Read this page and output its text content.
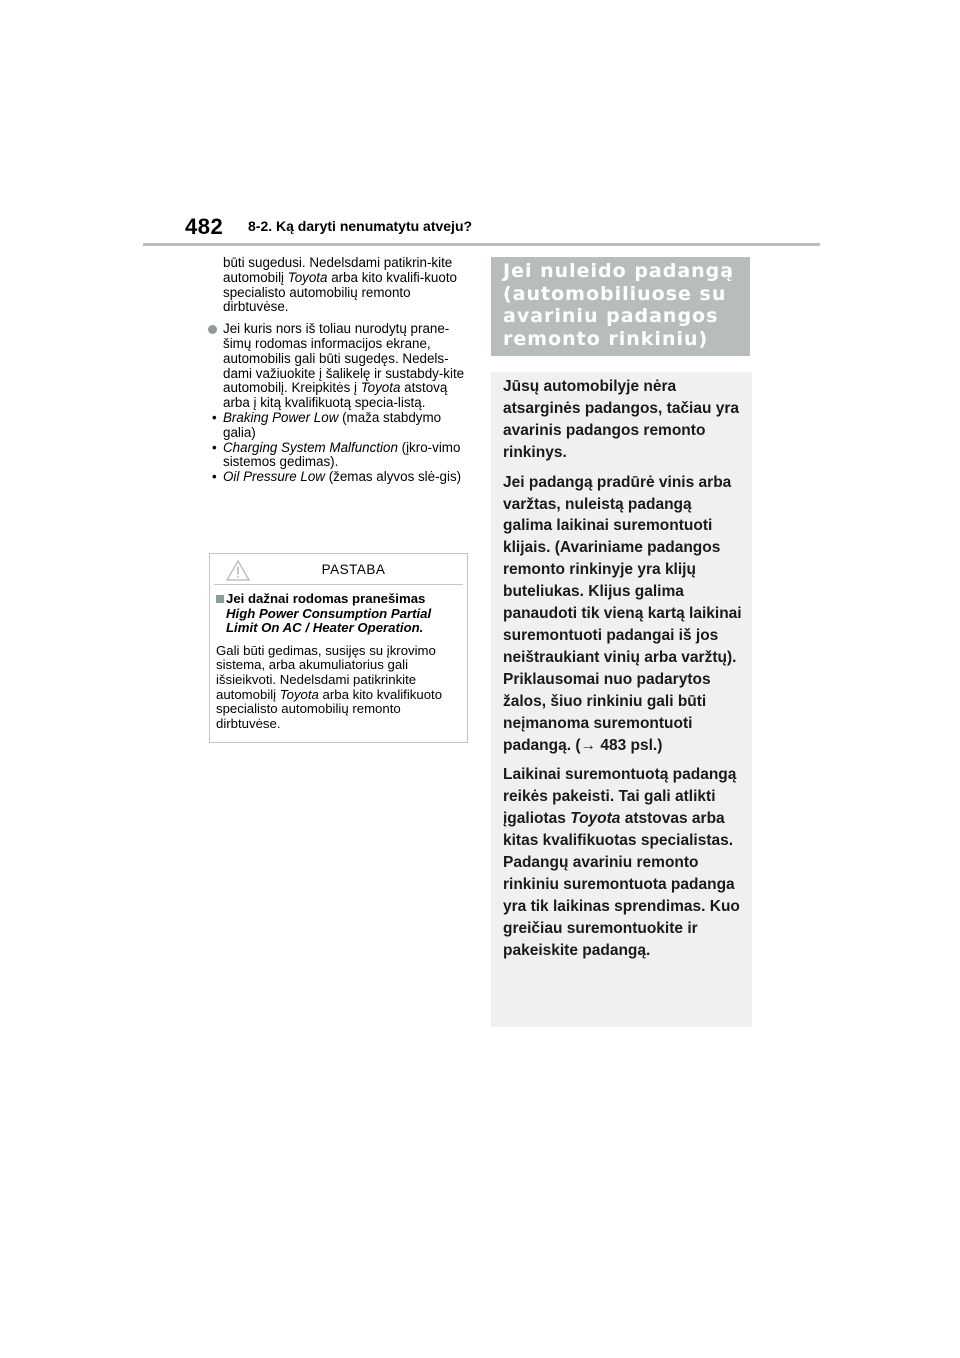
482 8-2. Ką daryti nenumatytu atveju?

būti sugedusi. Nedelsdami patikrin-kite automobilį Toyota arba kito kvalifi-kuoto specialisto automobilių remonto dirbtuvėse.

Jei kuris nors iš toliau nurodytų prane-šimų rodomas informacijos ekrane, automobilis gali būti sugedęs. Nedels-dami važiuokite į šalikelę ir sustabdy-kite automobilį. Kreipkitės į Toyota atstovą arba į kitą kvalifikuotą specia-listą.
• Braking Power Low (maža stabdymo galia)
• Charging System Malfunction (įkro-vimo sistemos gedimas).
• Oil Pressure Low (žemas alyvos slė-gis)
PASTABA
Jei dažnai rodomas pranešimas
High Power Consumption Partial Limit On AC / Heater Operation.
Gali būti gedimas, susijęs su įkrovimo sistema, arba akumuliatorius gali išsieikvoti. Nedelsdami patikrinkite automobilį Toyota arba kito kvalifikuoto specialisto automobilių remonto dirbtuvėse.
Jei nuleido padangą
(automobiliuose su
avariniu padangos
remonto rinkiniu)

Jūsų automobilyje nėra atsarginės padangos, tačiau yra avarinis padangos remonto rinkinys.

Jei padangą pradūrė vinis arba varžtas, nuleistą padangą galima laikinai suremontuoti klijais. (Avariniame padangos remonto rinkinyje yra klijų buteliukas. Klijus galima panaudoti tik vieną kartą laikinai suremontuoti padangai iš jos neištraukiant vinių arba varžtų). Priklausomai nuo padarytos žalos, šiuo rinkiniu gali būti neįmanoma suremontuoti padangą. (→ 483 psl.)

Laikinai suremontuotą padangą reikės pakeisti. Tai gali atlikti įgaliotas Toyota atstovas arba kitas kvalifikuotas specialistas. Padangų avariniu remonto rinkiniu suremontuota padanga yra tik laikinas sprendimas. Kuo greičiau suremontuokite ir pakeiskite padangą.
